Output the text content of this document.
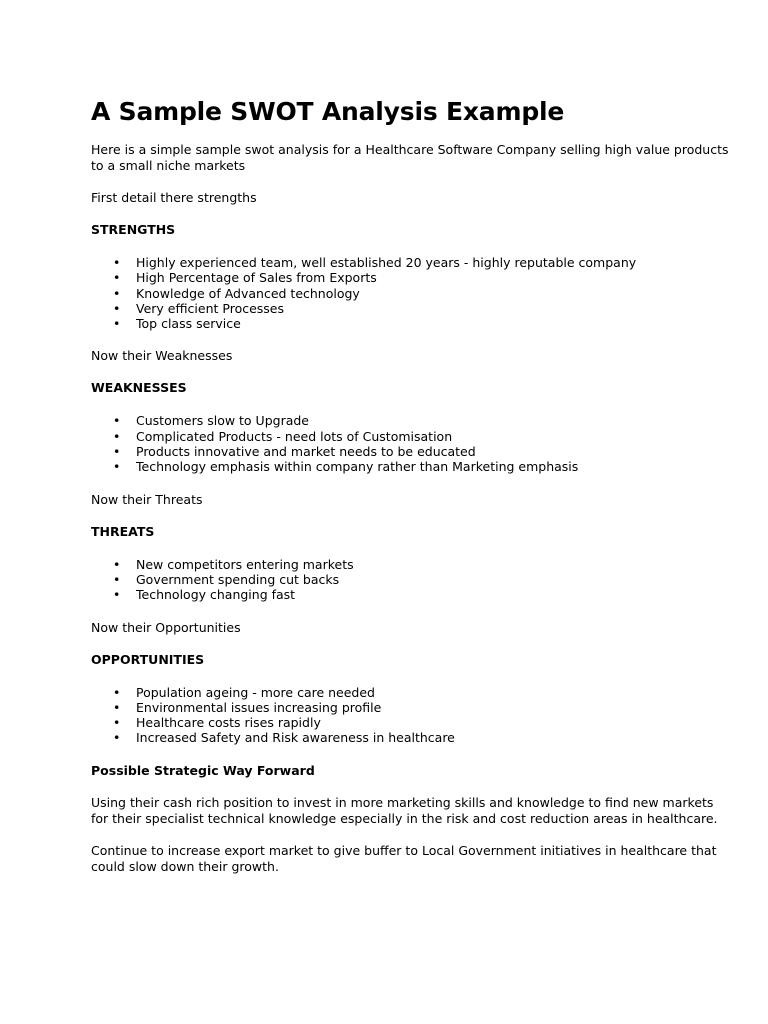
A Sample SWOT Analysis Example

Here is a simple sample swot analysis for a Healthcare Software Company selling high value products to a small niche markets

First detail there strengths

STRENGTHS

• Highly experienced team, well established 20 years - highly reputable company
• High Percentage of Sales from Exports
• Knowledge of Advanced technology
• Very efficient Processes
• Top class service

Now their Weaknesses

WEAKNESSES

• Customers slow to Upgrade
• Complicated Products - need lots of Customisation
• Products innovative and market needs to be educated
• Technology emphasis within company rather than Marketing emphasis

Now their Threats

THREATS

• New competitors entering markets
• Government spending cut backs
• Technology changing fast

Now their Opportunities

OPPORTUNITIES

• Population ageing - more care needed
• Environmental issues increasing profile
• Healthcare costs rises rapidly
• Increased Safety and Risk awareness in healthcare

Possible Strategic Way Forward

Using their cash rich position to invest in more marketing skills and knowledge to find new markets for their specialist technical knowledge especially in the risk and cost reduction areas in healthcare.

Continue to increase export market to give buffer to Local Government initiatives in healthcare that could slow down their growth.
